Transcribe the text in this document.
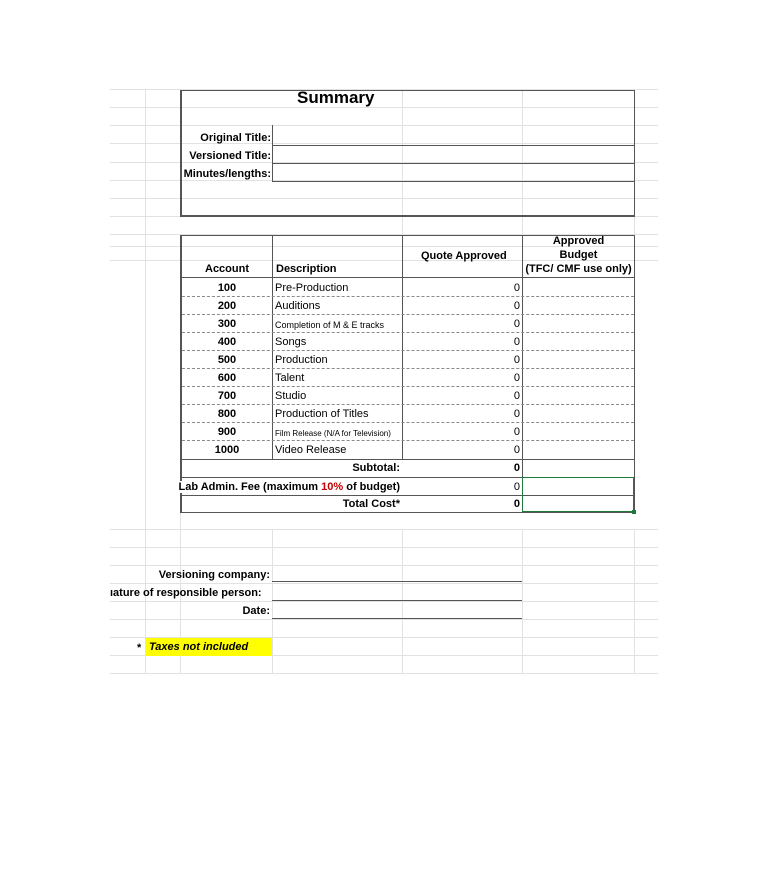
Summary
Original Title:
Versioned Title:
Minutes/lengths:
Account Description
Quote Approved
Approved
Budget
(TFC/ CMF use only)
100	Pre-Production	0
200	Auditions	0
300	Completion of M & E tracks	0
400	Songs	0
500	Production	0
600	Talent	0
700	Studio	0
800	Production of Titles	0
900	Film Release (N/A for Television)	0
1000	Video Release	0
Subtotal:	0
Lab Admin. Fee (maximum 10% of budget)	0
Total Cost*	0
Versioning company:
ıature of responsible person:
Date:
* Taxes not included
